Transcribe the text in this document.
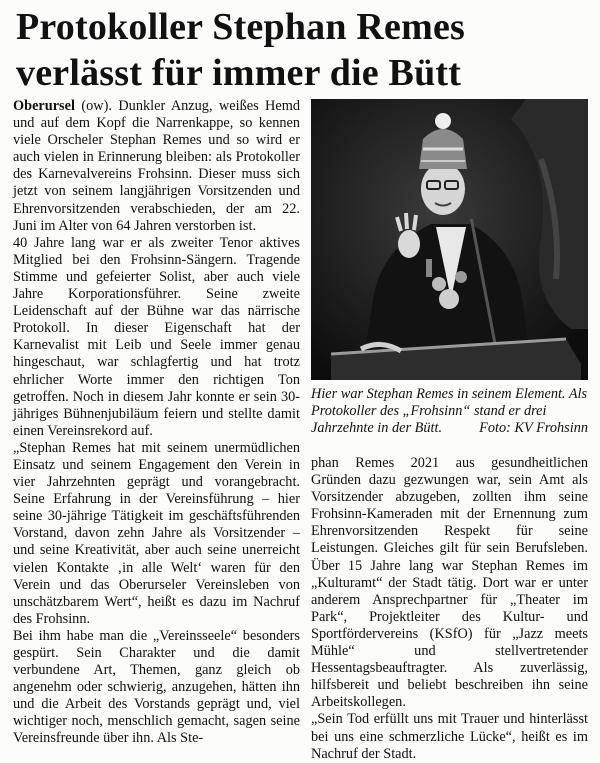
Protokoller Stephan Remes verlässt für immer die Bütt

Oberursel (ow). Dunkler Anzug, weißes Hemd und auf dem Kopf die Narrenkappe, so kennen viele Orscheler Stephan Remes und so wird er auch vielen in Erinnerung bleiben: als Protokoller des Karnevalvereins Frohsinn. Dieser muss sich jetzt von seinem langjährigen Vorsitzenden und Ehrenvorsitzenden verabschieden, der am 22. Juni im Alter von 64 Jahren verstorben ist.

40 Jahre lang war er als zweiter Tenor aktives Mitglied bei den Frohsinn-Sängern. Tragende Stimme und gefeierter Solist, aber auch viele Jahre Korporationsführer. Seine zweite Leidenschaft auf der Bühne war das närrische Protokoll. In dieser Eigenschaft hat der Karnevalist mit Leib und Seele immer genau hingeschaut, war schlagfertig und hat trotz ehrlicher Worte immer den richtigen Ton getroffen. Noch in diesem Jahr konnte er sein 30-jähriges Bühnenjubiläum feiern und stellte damit einen Vereinsrekord auf.

„Stephan Remes hat mit seinem unermüdlichen Einsatz und seinem Engagement den Verein in vier Jahrzehnten geprägt und vorangebracht. Seine Erfahrung in der Vereinsführung – hier seine 30-jährige Tätigkeit im geschäftsführenden Vorstand, davon zehn Jahre als Vorsitzender – und seine Kreativität, aber auch seine unerreicht vielen Kontakte ‚in alle Welt‘ waren für den Verein und das Oberurseler Vereinsleben von unschätzbarem Wert“, heißt es dazu im Nachruf des Frohsinn.

Bei ihm habe man die „Vereinsseele“ besonders gespürt. Sein Charakter und die damit verbundene Art, Themen, ganz gleich ob angenehm oder schwierig, anzugehen, hätten ihn und die Arbeit des Vorstands geprägt und, viel wichtiger noch, menschlich gemacht, sagen seine Vereinsfreunde über ihn. Als Ste-

Hier war Stephan Remes in seinem Element. Als Protokoller des „Frohsinn“ stand er drei Jahrzehnte in der Bütt.	Foto: KV Frohsinn

phan Remes 2021 aus gesundheitlichen Gründen dazu gezwungen war, sein Amt als Vorsitzender abzugeben, zollten ihm seine Frohsinn-Kameraden mit der Ernennung zum Ehrenvorsitzenden Respekt für seine Leistungen. Gleiches gilt für sein Berufsleben. Über 15 Jahre lang war Stephan Remes im „Kulturamt“ der Stadt tätig. Dort war er unter anderem Ansprechpartner für „Theater im Park“, Projektleiter des Kultur- und Sportfördervereins (KSfO) für „Jazz meets Mühle“ und stellvertretender Hessentagsbeauftragter. Als zuverlässig, hilfsbereit und beliebt beschreiben ihn seine Arbeitskollegen.

„Sein Tod erfüllt uns mit Trauer und hinterlässt bei uns eine schmerzliche Lücke“, heißt es im Nachruf der Stadt.
